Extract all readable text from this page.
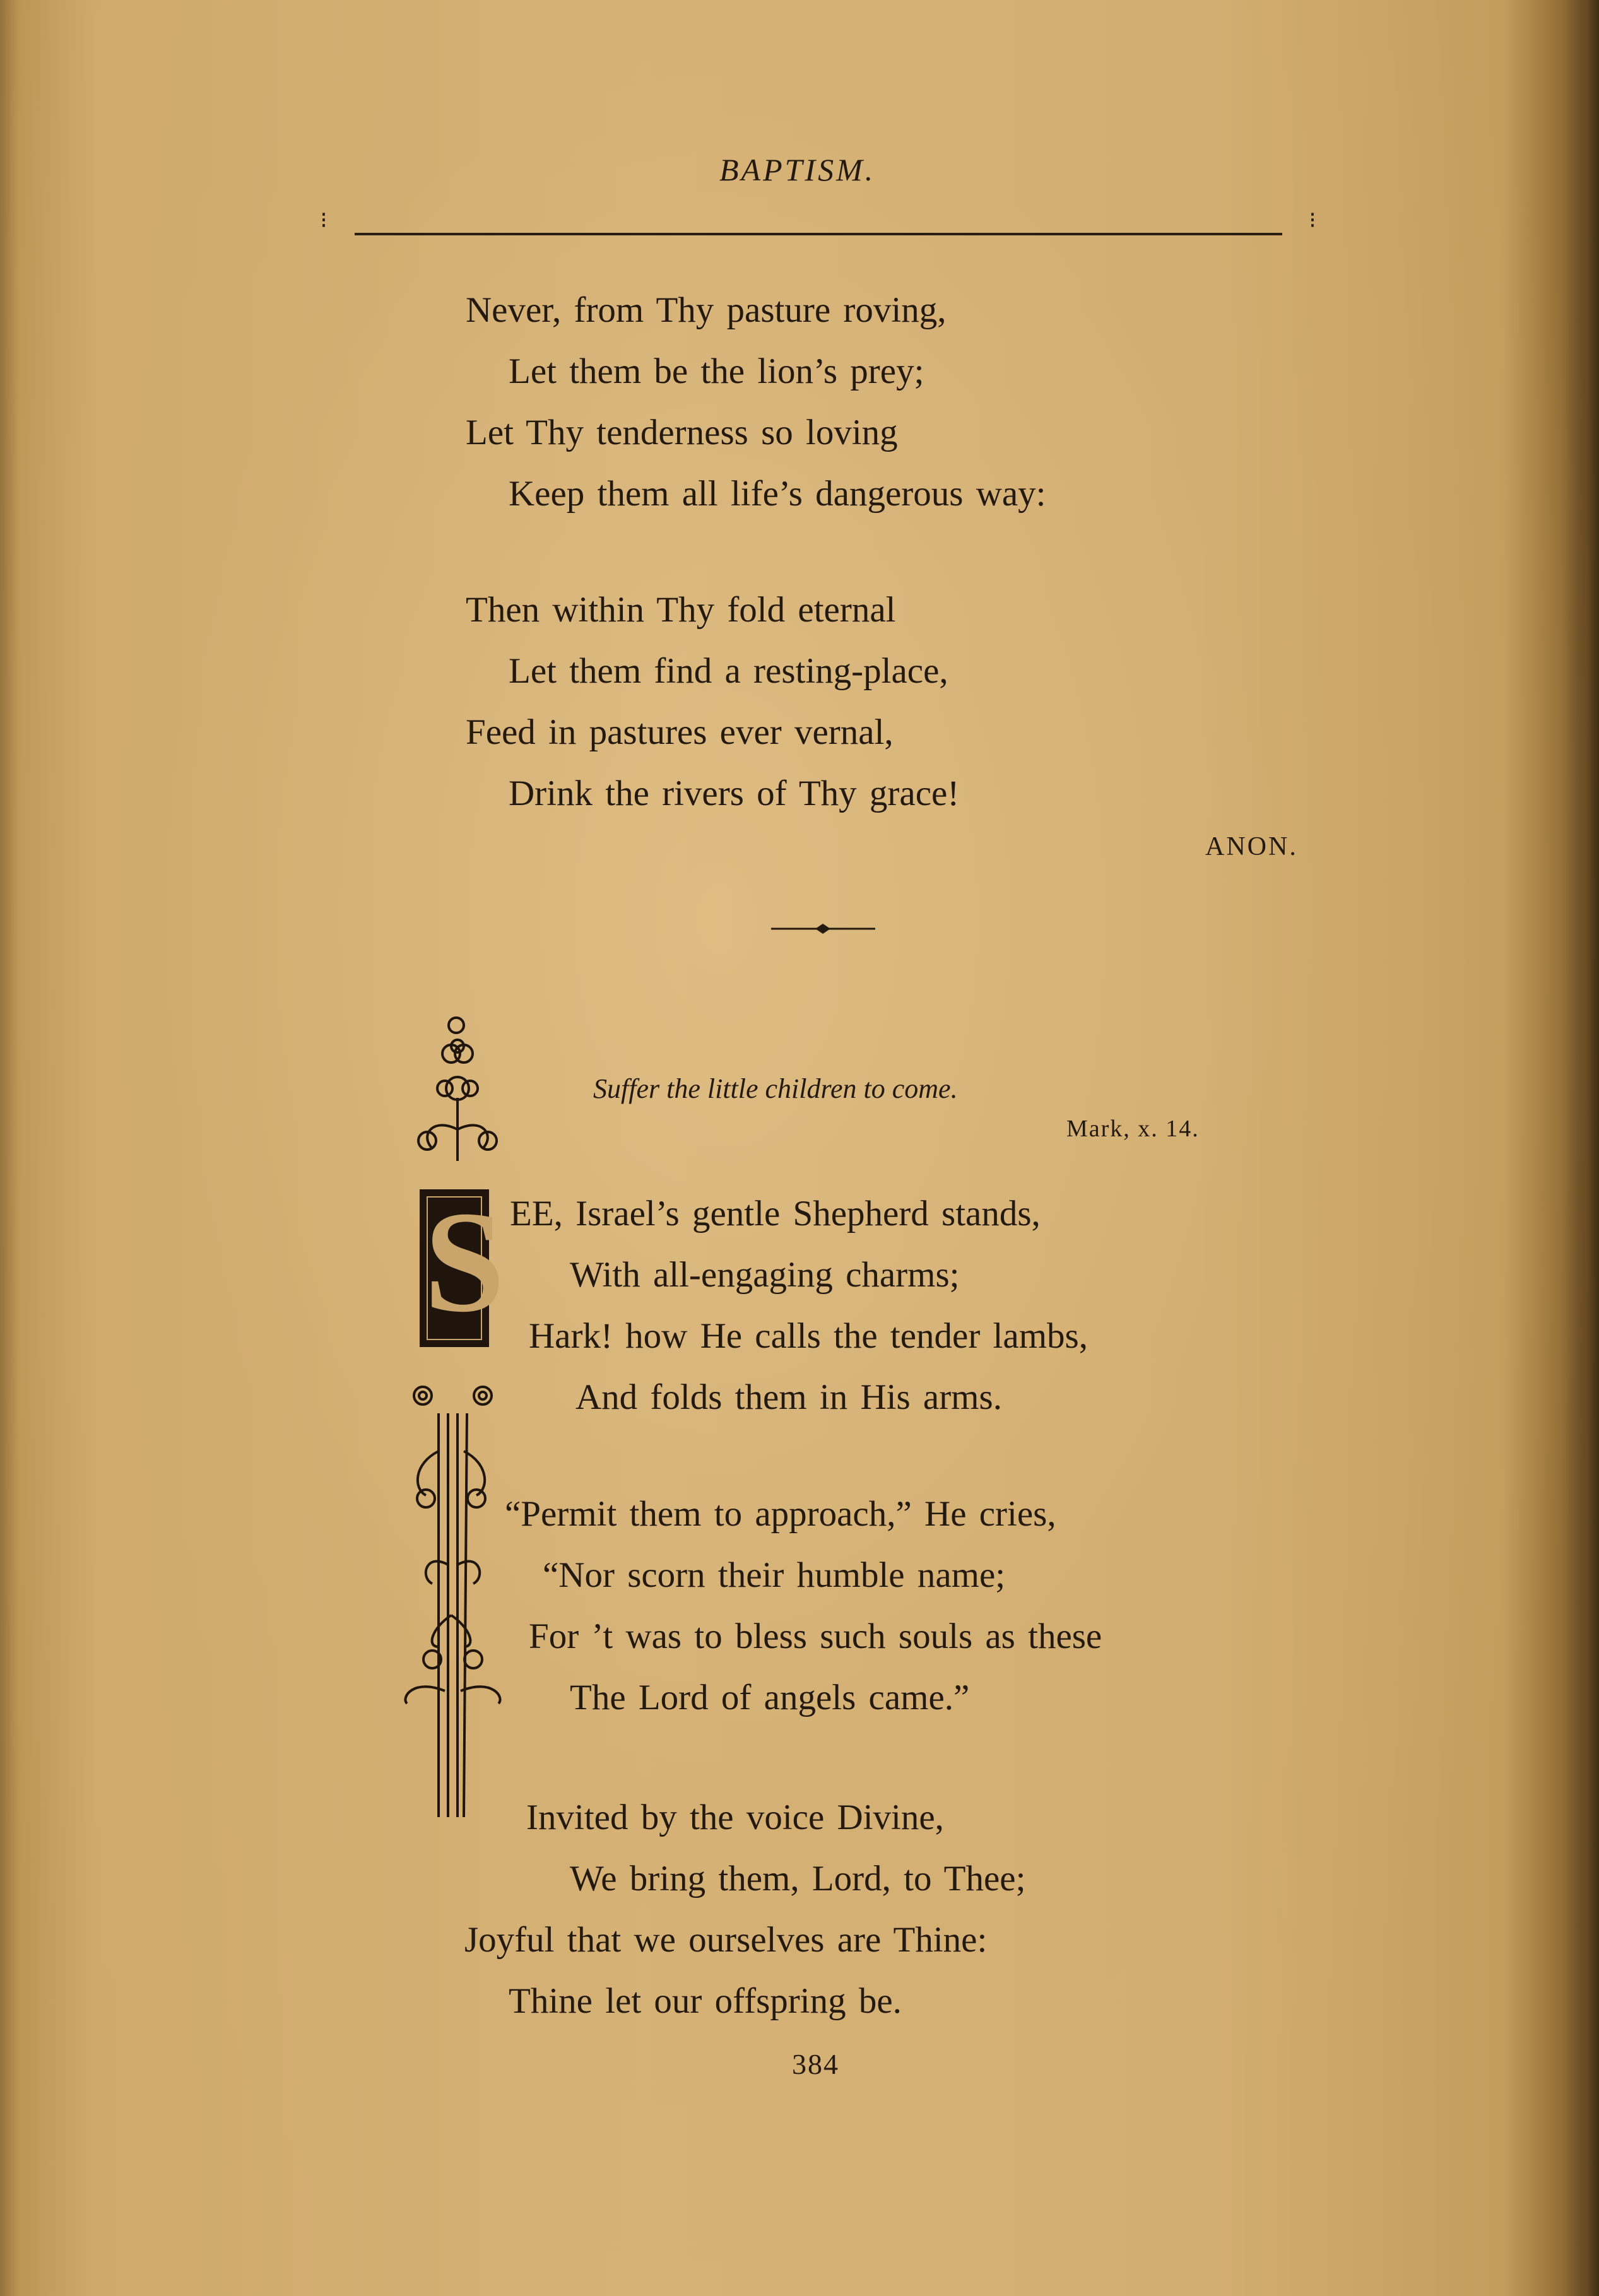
BAPTISM.
⁝	⁝
Never, from Thy pasture roving,
Let them be the lion’s prey;
Let Thy tenderness so loving
Keep them all life’s dangerous way:
Then within Thy fold eternal
Let them find a resting-place,
Feed in pastures ever vernal,
Drink the rivers of Thy grace!
ANON.
Suffer the little children to come.
Mark, x. 14.
S EE, Israel’s gentle Shepherd stands,
With all-engaging charms;
Hark! how He calls the tender lambs,
And folds them in His arms.
“Permit them to approach,” He cries,
“Nor scorn their humble name;
For ’t was to bless such souls as these
The Lord of angels came.”
Invited by the voice Divine,
We bring them, Lord, to Thee;
Joyful that we ourselves are Thine:
Thine let our offspring be.
384
